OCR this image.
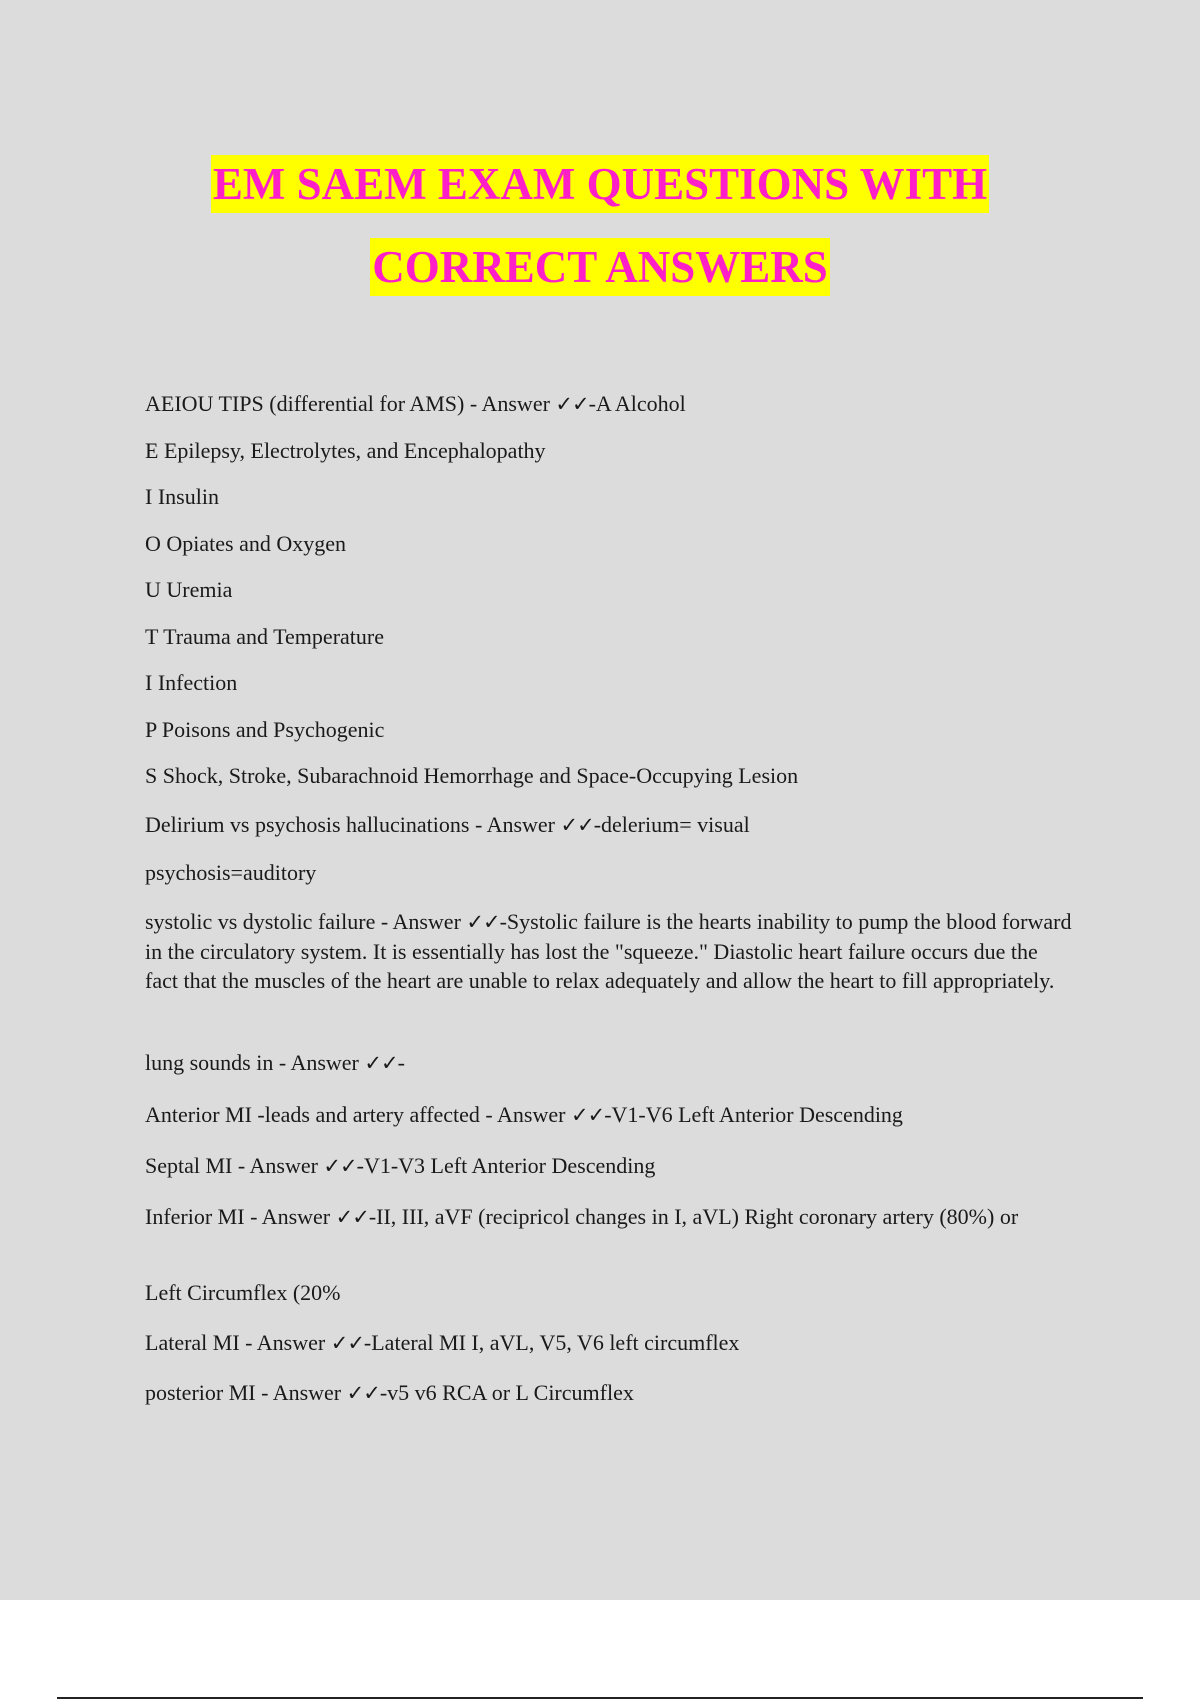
EM SAEM EXAM QUESTIONS WITH
CORRECT ANSWERS

AEIOU TIPS (differential for AMS) - Answer ✓✓-A Alcohol

E Epilepsy, Electrolytes, and Encephalopathy

I Insulin

O Opiates and Oxygen

U Uremia

T Trauma and Temperature

I Infection

P Poisons and Psychogenic

S Shock, Stroke, Subarachnoid Hemorrhage and Space-Occupying Lesion

Delirium vs psychosis hallucinations - Answer ✓✓-delerium= visual

psychosis=auditory

systolic vs dystolic failure - Answer ✓✓-Systolic failure is the hearts inability to pump the blood forward in the circulatory system. It is essentially has lost the "squeeze." Diastolic heart failure occurs due the fact that the muscles of the heart are unable to relax adequately and allow the heart to fill appropriately.

lung sounds in - Answer ✓✓-

Anterior MI -leads and artery affected - Answer ✓✓-V1-V6 Left Anterior Descending

Septal MI - Answer ✓✓-V1-V3 Left Anterior Descending

Inferior MI - Answer ✓✓-II, III, aVF (recipricol changes in I, aVL) Right coronary artery (80%) or

Left Circumflex (20%

Lateral MI - Answer ✓✓-Lateral MI I, aVL, V5, V6 left circumflex

posterior MI - Answer ✓✓-v5 v6 RCA or L Circumflex
